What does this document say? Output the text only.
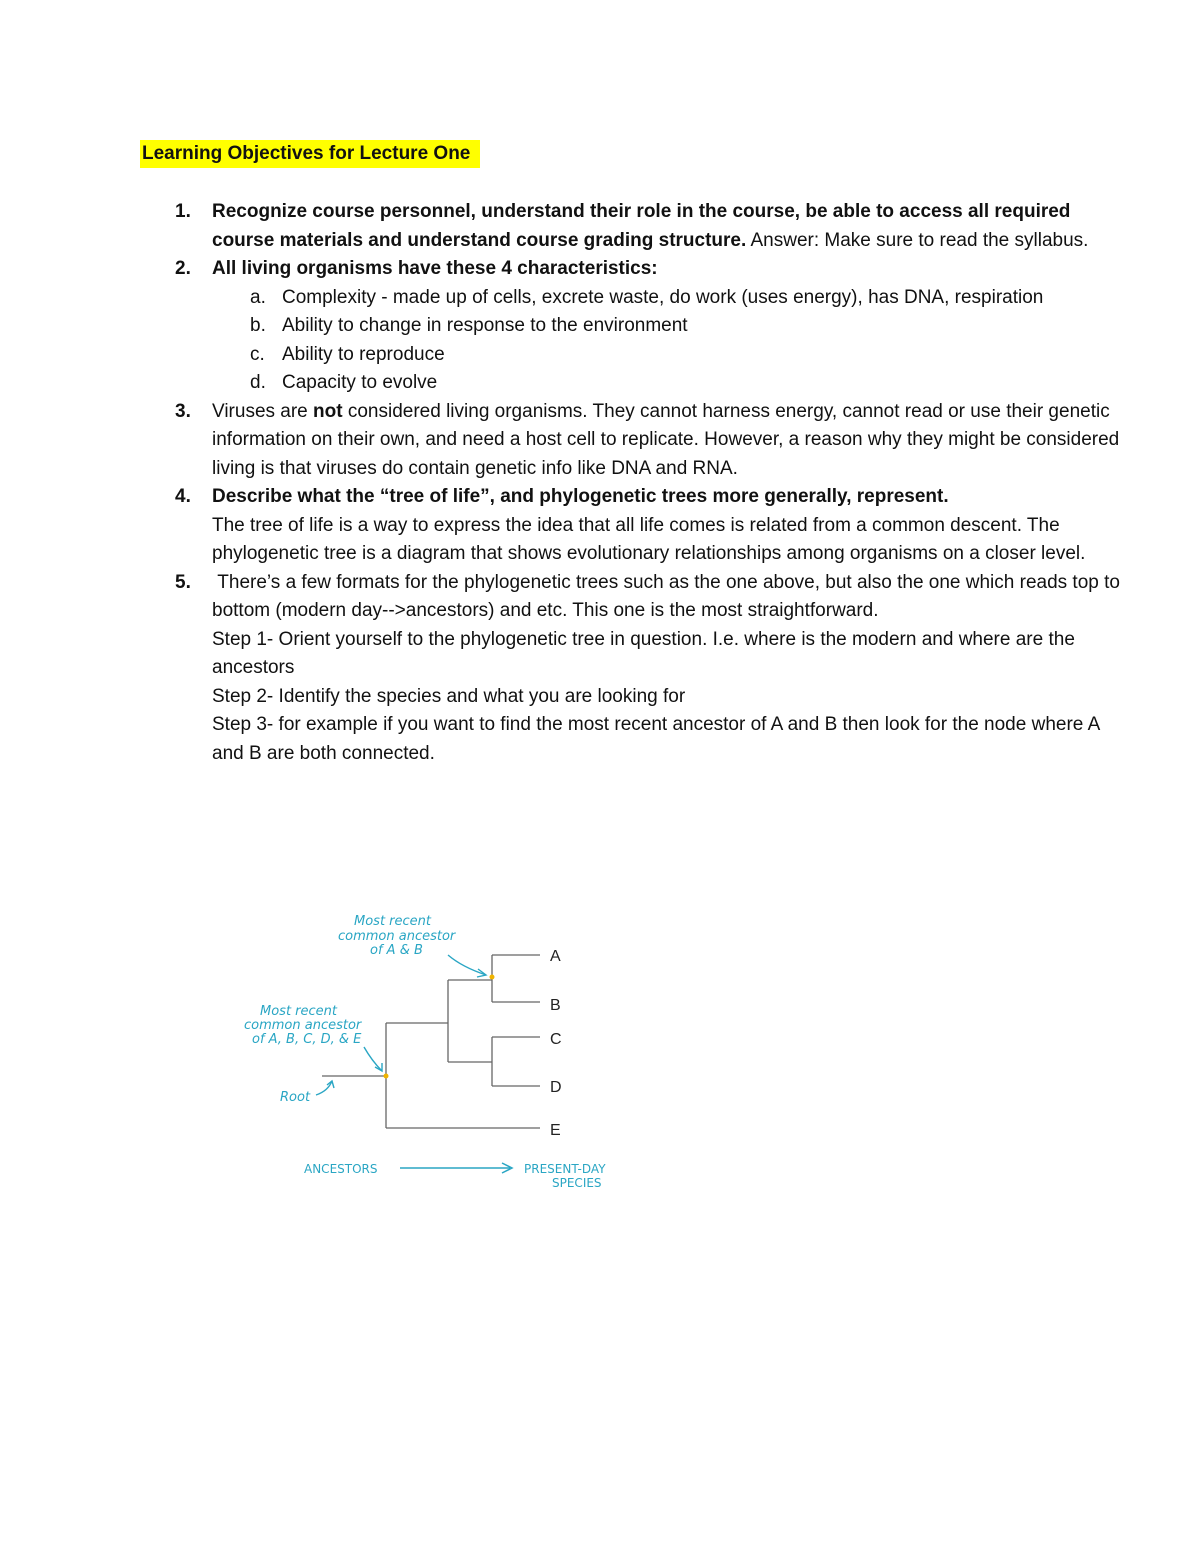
Learning Objectives for Lecture One
1. Recognize course personnel, understand their role in the course, be able to access all required course materials and understand course grading structure. Answer: Make sure to read the syllabus.
2. All living organisms have these 4 characteristics:
a. Complexity - made up of cells, excrete waste, do work (uses energy), has DNA, respiration
b. Ability to change in response to the environment
c. Ability to reproduce
d. Capacity to evolve
3. Viruses are not considered living organisms. They cannot harness energy, cannot read or use their genetic information on their own, and need a host cell to replicate. However, a reason why they might be considered living is that viruses do contain genetic info like DNA and RNA.
4. Describe what the “tree of life”, and phylogenetic trees more generally, represent.
The tree of life is a way to express the idea that all life comes is related from a common descent. The phylogenetic tree is a diagram that shows evolutionary relationships among organisms on a closer level.
5. There’s a few formats for the phylogenetic trees such as the one above, but also the one which reads top to bottom (modern day-->ancestors) and etc. This one is the most straightforward.
Step 1- Orient yourself to the phylogenetic tree in question. I.e. where is the modern and where are the ancestors
Step 2- Identify the species and what you are looking for
Step 3- for example if you want to find the most recent ancestor of A and B then look for the node where A and B are both connected.
A
B
C
D
E
Most recent
common ancestor
of A & B
Most recent
common ancestor
of A, B, C, D, & E
Root
ANCESTORS	PRESENT-DAY
SPECIES
